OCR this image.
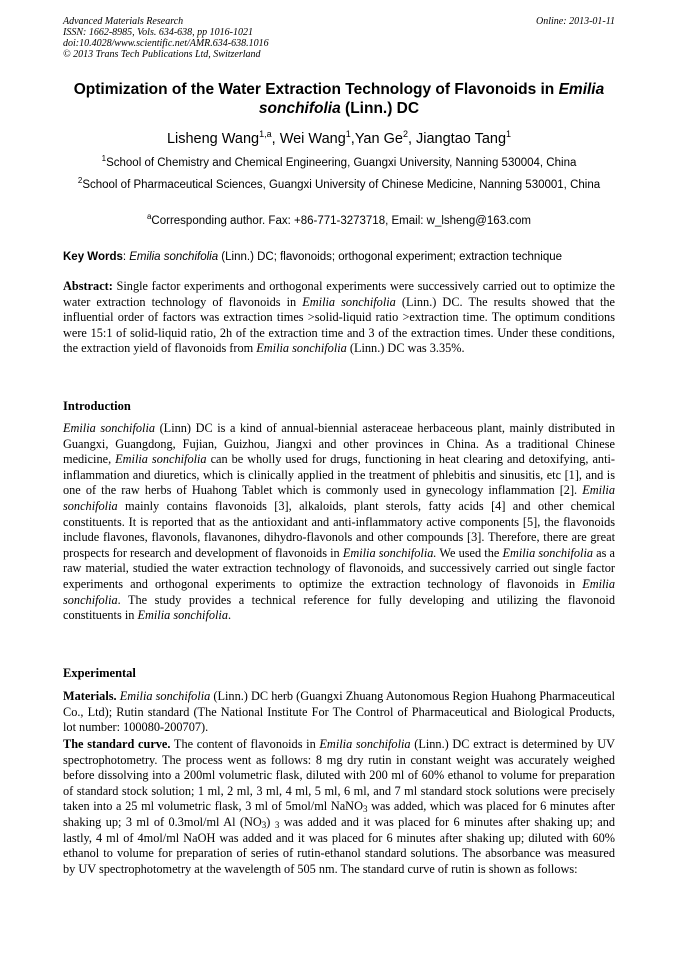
Advanced Materials Research
ISSN: 1662-8985, Vols. 634-638, pp 1016-1021
doi:10.4028/www.scientific.net/AMR.634-638.1016
© 2013 Trans Tech Publications Ltd, Switzerland
Online: 2013-01-11
Optimization of the Water Extraction Technology of Flavonoids in Emilia sonchifolia (Linn.) DC
Lisheng Wang$^{1,a}$, Wei Wang$^1$,Yan Ge$^2$, Jiangtao Tang$^1$
$^1$School of Chemistry and Chemical Engineering, Guangxi University, Nanning 530004, China
$^2$School of Pharmaceutical Sciences, Guangxi University of Chinese Medicine, Nanning 530001, China
$^a$Corresponding author. Fax: +86-771-3273718, Email: w_lsheng@163.com
Key Words: Emilia sonchifolia (Linn.) DC; flavonoids; orthogonal experiment; extraction technique
Abstract: Single factor experiments and orthogonal experiments were successively carried out to optimize the water extraction technology of flavonoids in Emilia sonchifolia (Linn.) DC. The results showed that the influential order of factors was extraction times >solid-liquid ratio >extraction time. The optimum conditions were 15:1 of solid-liquid ratio, 2h of the extraction time and 3 of the extraction times. Under these conditions, the extraction yield of flavonoids from Emilia sonchifolia (Linn.) DC was 3.35%.
Introduction
Emilia sonchifolia (Linn) DC is a kind of annual-biennial asteraceae herbaceous plant, mainly distributed in Guangxi, Guangdong, Fujian, Guizhou, Jiangxi and other provinces in China. As a traditional Chinese medicine, Emilia sonchifolia can be wholly used for drugs, functioning in heat clearing and detoxifying, anti-inflammation and diuretics, which is clinically applied in the treatment of phlebitis and sinusitis, etc [1], and is one of the raw herbs of Huahong Tablet which is commonly used in gynecology inflammation [2]. Emilia sonchifolia mainly contains flavonoids [3], alkaloids, plant sterols, fatty acids [4] and other chemical constituents. It is reported that as the antioxidant and anti-inflammatory active components [5], the flavonoids include flavones, flavonols, flavanones, dihydro-flavonols and other compounds [3]. Therefore, there are great prospects for research and development of flavonoids in Emilia sonchifolia. We used the Emilia sonchifolia as a raw material, studied the water extraction technology of flavonoids, and successively carried out single factor experiments and orthogonal experiments to optimize the extraction technology of flavonoids in Emilia sonchifolia. The study provides a technical reference for fully developing and utilizing the flavonoid constituents in Emilia sonchifolia.
Experimental
Materials. Emilia sonchifolia (Linn.) DC herb (Guangxi Zhuang Autonomous Region Huahong Pharmaceutical Co., Ltd); Rutin standard (The National Institute For The Control of Pharmaceutical and Biological Products, lot number: 100080-200707).
The standard curve. The content of flavonoids in Emilia sonchifolia (Linn.) DC extract is determined by UV spectrophotometry. The process went as follows: 8 mg dry rutin in constant weight was accurately weighed before dissolving into a 200ml volumetric flask, diluted with 200 ml of 60% ethanol to volume for preparation of standard stock solution; 1 ml, 2 ml, 3 ml, 4 ml, 5 ml, 6 ml, and 7 ml standard stock solutions were precisely taken into a 25 ml volumetric flask, 3 ml of 5mol/ml NaNO$_3$ was added, which was placed for 6 minutes after shaking up; 3 ml of 0.3mol/ml Al $(NO_3)$ $_3$ was added and it was placed for 6 minutes after shaking up; and lastly, 4 ml of 4mol/ml NaOH was added and it was placed for 6 minutes after shaking up; diluted with 60% ethanol to volume for preparation of series of rutin-ethanol standard solutions. The absorbance was measured by UV spectrophotometry at the wavelength of 505 nm. The standard curve of rutin is shown as follows:
